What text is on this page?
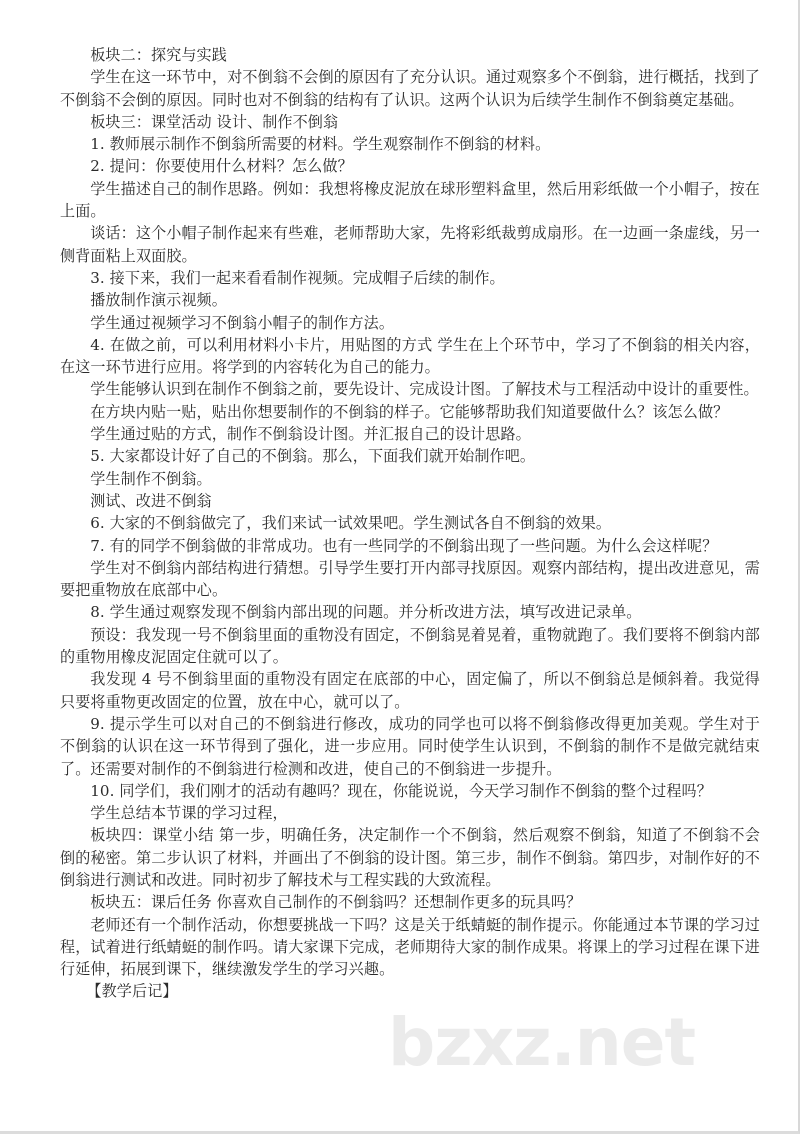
bzxz.net

板块二：探究与实践

学生在这一环节中，对不倒翁不会倒的原因有了充分认识。通过观察多个不倒翁，进行概括，找到了不倒翁不会倒的原因。同时也对不倒翁的结构有了认识。这两个认识为后续学生制作不倒翁奠定基础。

板块三：课堂活动 设计、制作不倒翁

1. 教师展示制作不倒翁所需要的材料。学生观察制作不倒翁的材料。

2. 提问：你要使用什么材料？怎么做？

学生描述自己的制作思路。例如：我想将橡皮泥放在球形塑料盒里，然后用彩纸做一个小帽子，按在上面。

谈话：这个小帽子制作起来有些难，老师帮助大家，先将彩纸裁剪成扇形。在一边画一条虚线，另一侧背面粘上双面胶。

3. 接下来，我们一起来看看制作视频。完成帽子后续的制作。

播放制作演示视频。

学生通过视频学习不倒翁小帽子的制作方法。

4. 在做之前，可以利用材料小卡片，用贴图的方式 学生在上个环节中，学习了不倒翁的相关内容，在这一环节进行应用。将学到的内容转化为自己的能力。

学生能够认识到在制作不倒翁之前，要先设计、完成设计图。了解技术与工程活动中设计的重要性。

在方块内贴一贴，贴出你想要制作的不倒翁的样子。它能够帮助我们知道要做什么？该怎么做？

学生通过贴的方式，制作不倒翁设计图。并汇报自己的设计思路。

5. 大家都设计好了自己的不倒翁。那么，下面我们就开始制作吧。

学生制作不倒翁。

测试、改进不倒翁

6. 大家的不倒翁做完了，我们来试一试效果吧。学生测试各自不倒翁的效果。

7. 有的同学不倒翁做的非常成功。也有一些同学的不倒翁出现了一些问题。为什么会这样呢？

学生对不倒翁内部结构进行猜想。引导学生要打开内部寻找原因。观察内部结构，提出改进意见，需要把重物放在底部中心。

8. 学生通过观察发现不倒翁内部出现的问题。并分析改进方法，填写改进记录单。

预设：我发现一号不倒翁里面的重物没有固定，不倒翁晃着晃着，重物就跑了。我们要将不倒翁内部的重物用橡皮泥固定住就可以了。

我发现 4 号不倒翁里面的重物没有固定在底部的中心，固定偏了，所以不倒翁总是倾斜着。我觉得只要将重物更改固定的位置，放在中心，就可以了。

9. 提示学生可以对自己的不倒翁进行修改，成功的同学也可以将不倒翁修改得更加美观。学生对于不倒翁的认识在这一环节得到了强化，进一步应用。同时使学生认识到，不倒翁的制作不是做完就结束了。还需要对制作的不倒翁进行检测和改进，使自己的不倒翁进一步提升。

10. 同学们，我们刚才的活动有趣吗？现在，你能说说，今天学习制作不倒翁的整个过程吗？

学生总结本节课的学习过程，

板块四：课堂小结 第一步，明确任务，决定制作一个不倒翁，然后观察不倒翁，知道了不倒翁不会倒的秘密。第二步认识了材料，并画出了不倒翁的设计图。第三步，制作不倒翁。第四步，对制作好的不倒翁进行测试和改进。同时初步了解技术与工程实践的大致流程。

板块五：课后任务 你喜欢自己制作的不倒翁吗？还想制作更多的玩具吗？

老师还有一个制作活动，你想要挑战一下吗？这是关于纸蜻蜓的制作提示。你能通过本节课的学习过程，试着进行纸蜻蜓的制作吗。请大家课下完成，老师期待大家的制作成果。将课上的学习过程在课下进行延伸，拓展到课下，继续激发学生的学习兴趣。

【教学后记】
